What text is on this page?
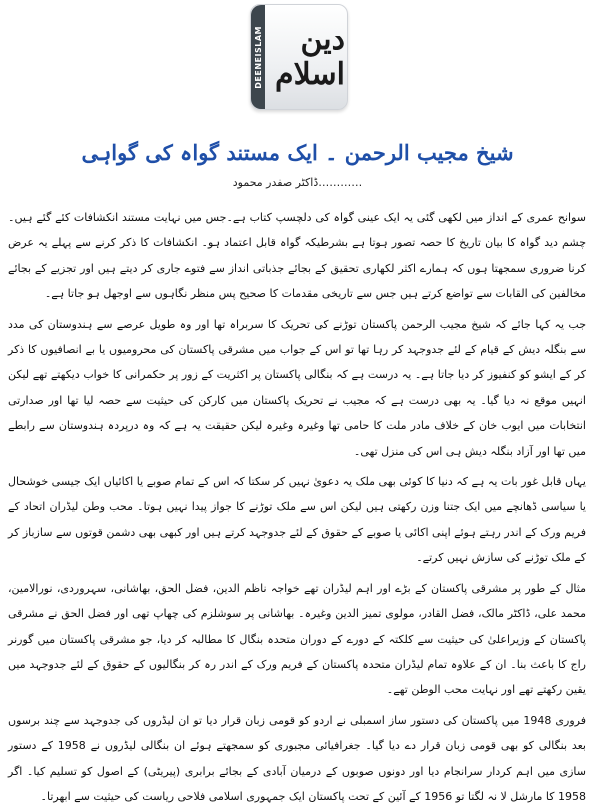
DEENEISLAM	دین اسلام
شیخ مجیب الرحمن ۔ ایک مستند گواہ کی گواہی
…………ڈاکٹر صفدر محمود

سوانح عمری کے انداز میں لکھی گئی یہ ایک عینی گواہ کی دلچسپ کتاب ہے۔جس میں نہایت مستند انکشافات کئے گئے ہیں۔ چشم دید گواہ کا بیان تاریخ کا حصہ تصور ہوتا ہے بشرطیکہ گواہ قابل اعتماد ہو۔ انکشافات کا ذکر کرنے سے پہلے یہ عرض کرنا ضروری سمجھتا ہوں کہ ہمارے اکثر لکھاری تحقیق کے بجائے جذباتی انداز سے فتوے جاری کر دیتے ہیں اور تجزیے کے بجائے مخالفین کی القابات سے تواضع کرتے ہیں جس سے تاریخی مقدمات کا صحیح پس منظر نگاہوں سے اوجھل ہو جاتا ہے۔

جب یہ کہا جائے کہ شیخ مجیب الرحمن پاکستان توڑنے کی تحریک کا سربراہ تھا اور وہ طویل عرصے سے ہندوستان کی مدد سے بنگلہ دیش کے قیام کے لئے جدوجہد کر رہا تھا تو اس کے جواب میں مشرقی پاکستان کی محرومیوں یا بے انصافیوں کا ذکر کر کے ایشو کو کنفیوز کر دیا جاتا ہے۔ یہ درست ہے کہ بنگالی پاکستان پر اکثریت کے زور پر حکمرانی کا خواب دیکھتے تھے لیکن انہیں موقع نہ دیا گیا۔ یہ بھی درست ہے کہ مجیب نے تحریک پاکستان میں کارکن کی حیثیت سے حصہ لیا تھا اور صدارتی انتخابات میں ایوب خان کے خلاف مادر ملت کا حامی تھا وغیرہ وغیرہ لیکن حقیقت یہ ہے کہ وہ درپردہ ہندوستان سے رابطے میں تھا اور آزاد بنگلہ دیش ہی اس کی منزل تھی۔

یہاں قابل غور بات یہ ہے کہ دنیا کا کوئی بھی ملک یہ دعویٰ نہیں کر سکتا کہ اس کے تمام صوبے یا اکائیاں ایک جیسی خوشحال یا سیاسی ڈھانچے میں ایک جتنا وزن رکھتی ہیں لیکن اس سے ملک توڑنے کا جواز پیدا نہیں ہوتا۔ محب وطن لیڈران اتحاد کے فریم ورک کے اندر رہتے ہوئے اپنی اکائی یا صوبے کے حقوق کے لئے جدوجہد کرتے ہیں اور کبھی بھی دشمن قوتوں سے سازباز کر کے ملک توڑنے کی سازش نہیں کرتے۔

مثال کے طور پر مشرقی پاکستان کے بڑے اور اہم لیڈران تھے خواجہ ناظم الدین، فضل الحق، بھاشانی، سہروردی، نورالامین، محمد علی، ڈاکٹر مالک، فضل القادر، مولوی تمیز الدین وغیرہ۔ بھاشانی پر سوشلزم کی چھاپ تھی اور فضل الحق نے مشرقی پاکستان کے وزیراعلیٰ کی حیثیت سے کلکتہ کے دورے کے دوران متحدہ بنگال کا مطالبہ کر دیا، جو مشرقی پاکستان میں گورنر راج کا باعث بنا۔ ان کے علاوہ تمام لیڈران متحدہ پاکستان کے فریم ورک کے اندر رہ کر بنگالیوں کے حقوق کے لئے جدوجہد میں یقین رکھتے تھے اور نہایت محب الوطن تھے۔

فروری 1948 میں پاکستان کی دستور ساز اسمبلی نے اردو کو قومی زبان قرار دیا تو ان لیڈروں کی جدوجہد سے چند برسوں بعد بنگالی کو بھی قومی زبان قرار دے دیا گیا۔ جغرافیائی مجبوری کو سمجھتے ہوئے ان بنگالی لیڈروں نے 1958 کے دستور سازی میں اہم کردار سرانجام دیا اور دونوں صوبوں کے درمیان آبادی کے بجائے برابری (پیریٹی) کے اصول کو تسلیم کیا۔ اگر 1958 کا مارشل لا نہ لگتا تو 1956 کے آئین کے تحت پاکستان ایک جمہوری اسلامی فلاحی ریاست کی حیثیت سے ابھرتا۔
